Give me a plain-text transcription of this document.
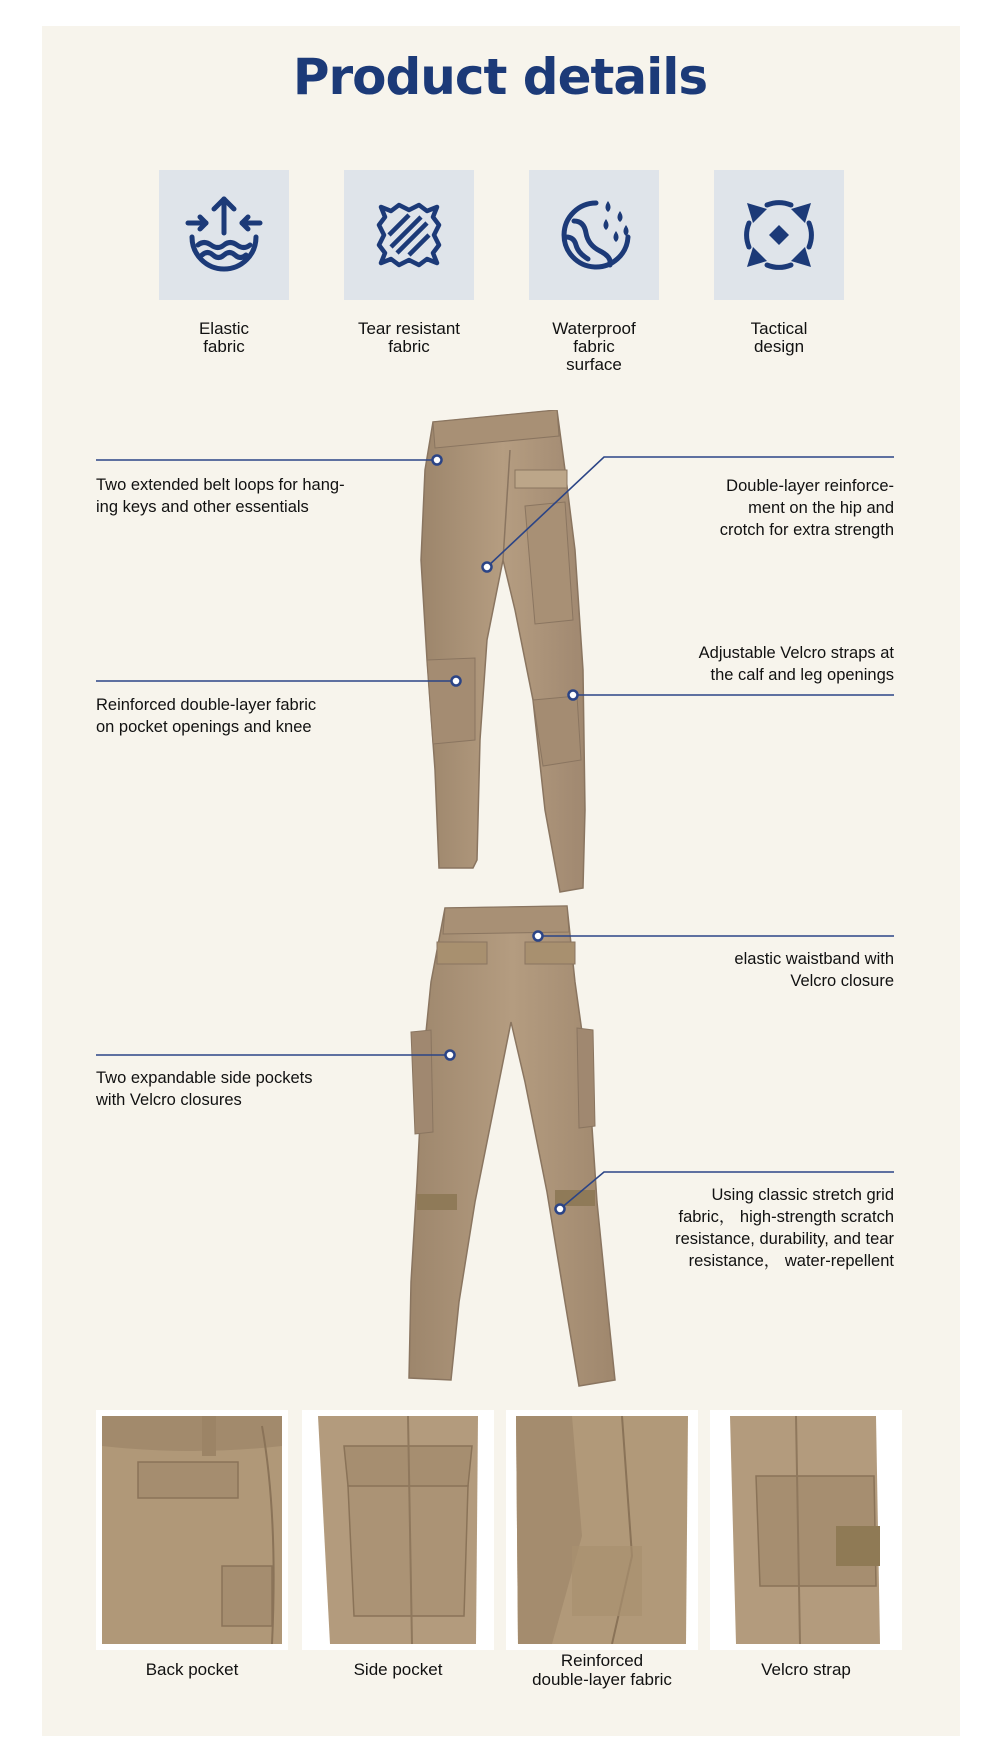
Product details
Elastic
fabric
Tear resistant
fabric
Waterproof
fabric
surface
Tactical
design
Two extended belt loops for hang-
ing keys and other essentials
Double-layer reinforce-
ment on the hip and
crotch for extra strength
Adjustable Velcro straps at
the calf and leg openings
Reinforced double-layer fabric
on pocket openings and knee
elastic waistband with
Velcro closure
Two expandable side pockets
with Velcro closures
Using classic stretch grid
fabric， high-strength scratch
resistance, durability, and tear
resistance， water-repellent
Back pocket	Side pocket	Reinforced
double-layer fabric
Velcro strap
